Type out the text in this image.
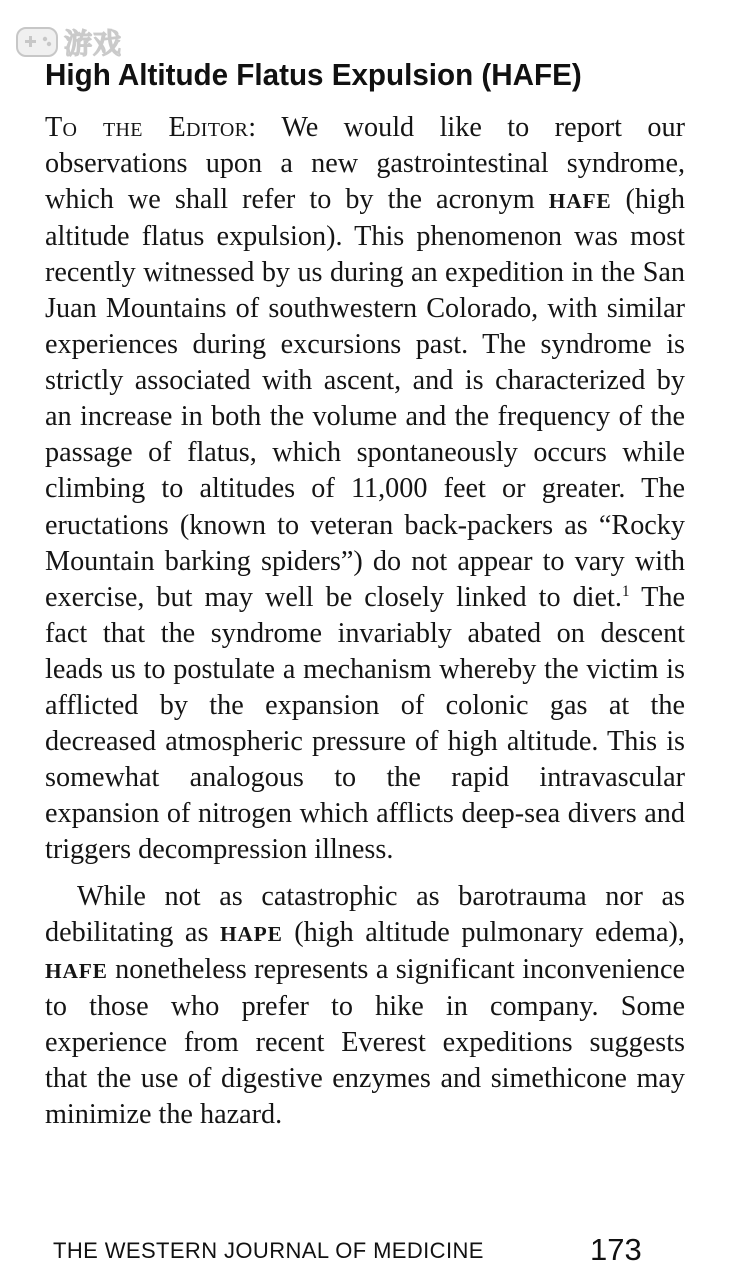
游戏
High Altitude Flatus Expulsion (HAFE)

To the Editor: We would like to report our observations upon a new gastrointestinal syndrome, which we shall refer to by the acronym HAFE (high altitude flatus expulsion). This phenomenon was most recently witnessed by us during an expedition in the San Juan Mountains of southwestern Colorado, with similar experiences during excursions past. The syndrome is strictly associated with ascent, and is characterized by an increase in both the volume and the frequency of the passage of flatus, which spontaneously occurs while climbing to altitudes of 11,000 feet or greater. The eructations (known to veteran back-packers as “Rocky Mountain barking spiders”) do not appear to vary with exercise, but may well be closely linked to diet.$^1$ The fact that the syndrome invariably abated on descent leads us to postulate a mechanism whereby the victim is afflicted by the expansion of colonic gas at the decreased atmospheric pressure of high altitude. This is somewhat analogous to the rapid intravascular expansion of nitrogen which afflicts deep-sea divers and triggers decompression illness.

While not as catastrophic as barotrauma nor as debilitating as HAPE (high altitude pulmonary edema), HAFE nonetheless represents a significant inconvenience to those who prefer to hike in company. Some experience from recent Everest expeditions suggests that the use of digestive enzymes and simethicone may minimize the hazard.

THE WESTERN JOURNAL OF MEDICINE	173
